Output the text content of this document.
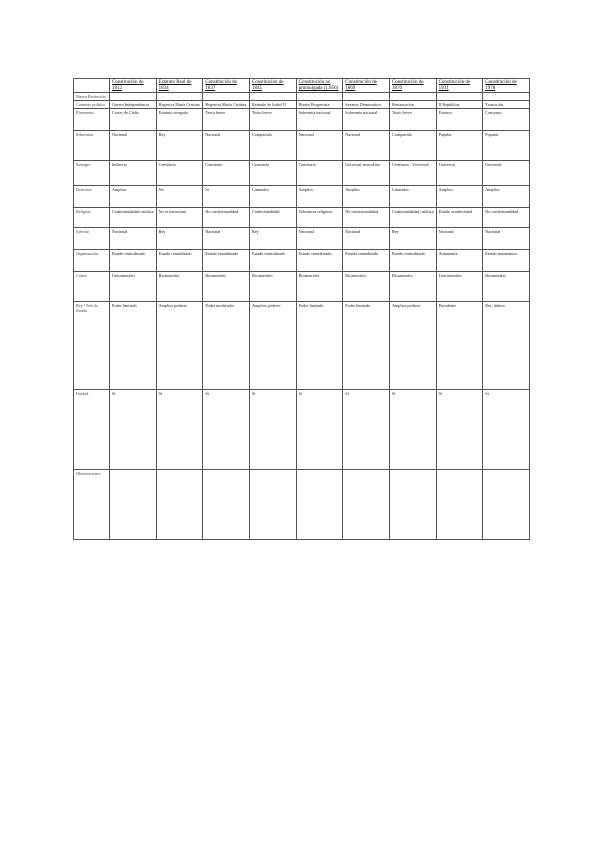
	Constitución de 1812	Estatuto Real de 1834	Constitución de 1837	Constitución de 1845	Constitución no promulgada (1.856)	Constitución de 1869	Constitución de 1876	Constitución de 1931	Constitución de 1978
Nueva Redacción									
Contexto político	Guerra Independencia	Regencia María Cristina	Regencia María Cristina	Reinado de Isabel II	Bienio Progresista	Sexenio Democrático	Restauración	II República	Transición
Elementos	Cortes de Cádiz	Estatuto otorgado	Texto breve	Texto breve	Soberanía nacional	Soberanía nacional	Texto breve	Extenso	Consenso
Soberanía	Nacional	Rey	Nacional	Compartida	Nacional	Nacional	Compartida	Popular	Popular
Sufragio	Indirecto	Censitario	Censitario	Censitario	Censitario	Universal masculino	Censitario / Universal	Universal	Universal
Derechos	Amplios	No	Sí	Limitados	Amplios	Amplios	Limitados	Amplios	Amplios
Religión	Confesionalidad católica	No se menciona	No confesionalidad	Confesionalidad	Tolerancia religiosa	No confesionalidad	Confesionalidad católica	Estado aconfesional	No confesionalidad
Ejército	Nacional	Rey	Nacional	Rey	Nacional	Nacional	Rey	Nacional	Nacional
Organización	Estado centralizado	Estado centralizado	Estado centralizado	Estado centralizado	Estado centralizado	Estado centralizado	Estado centralizado	Autonomía	Estado autonómico
Cortes	Unicamerales	Bicamerales	Bicamerales	Bicamerales	Bicamerales	Bicamerales	Bicamerales	Unicamerales	Bicamerales
Rey / Jefe de Estado	Poder limitado	Amplios poderes	Poder moderador	Amplios poderes	Poder limitado	Poder limitado	Amplios poderes	Presidente	Rey, árbitro
Unidad	Sí	Sí	Sí	Sí	Sí	Sí	Sí	Sí	Sí
Observaciones									
